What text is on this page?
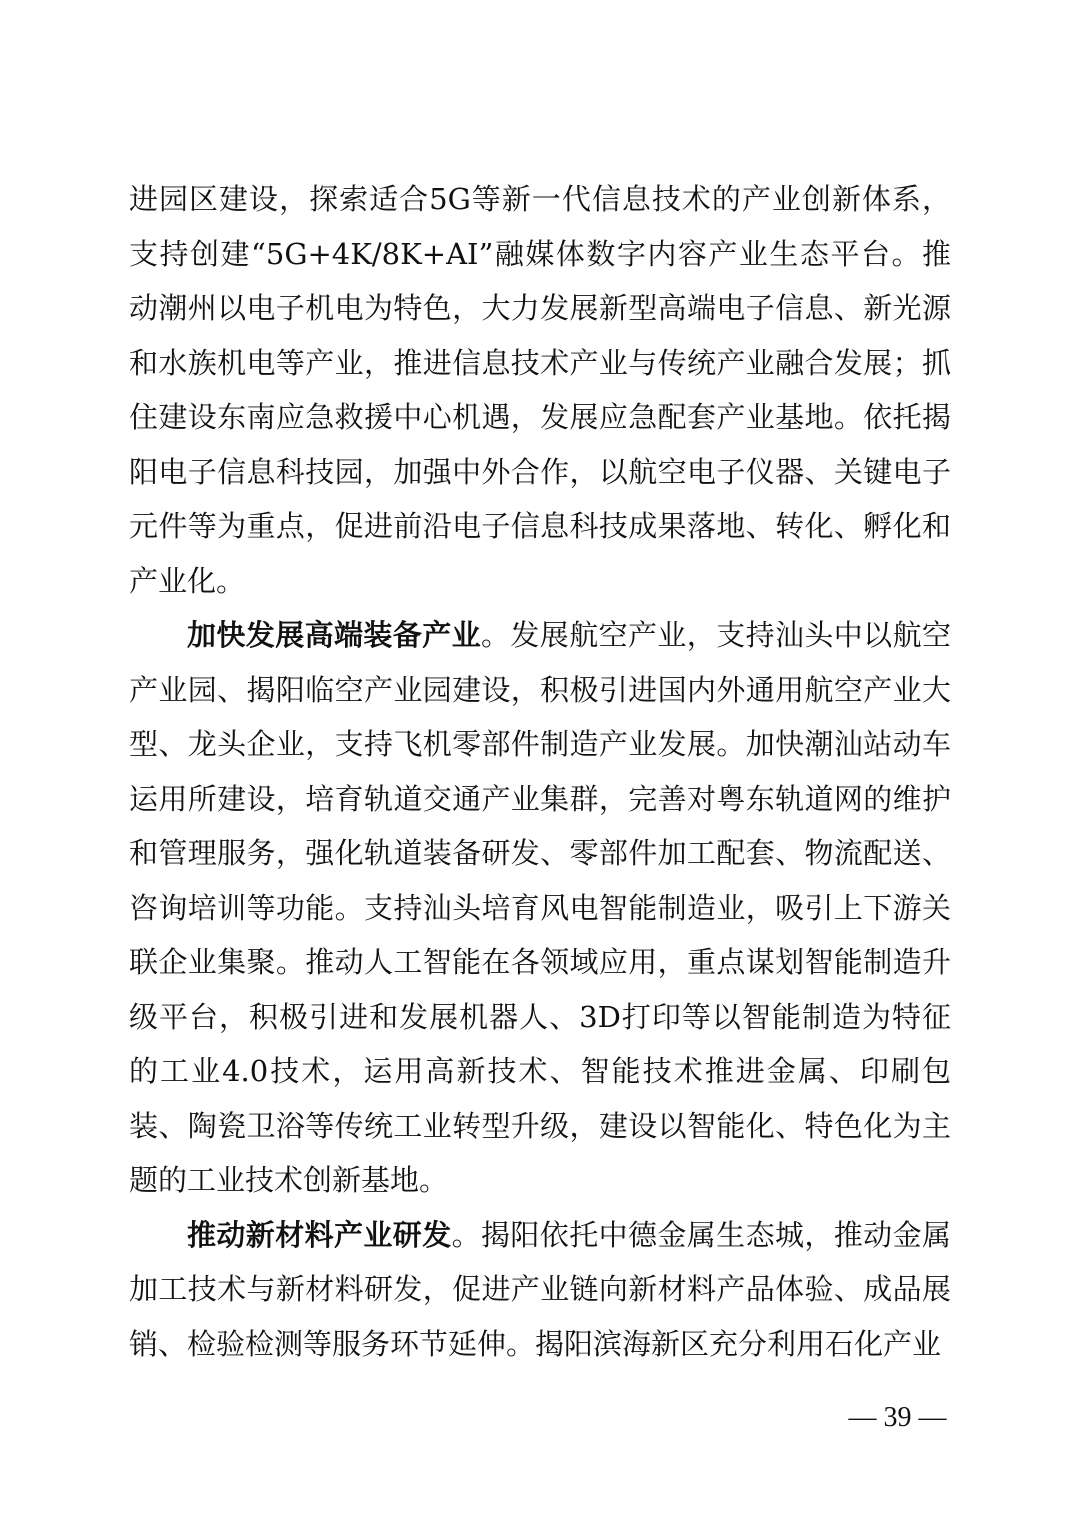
进园区建设，探索适合5G等新一代信息技术的产业创新体系，支持创建“5G+4K/8K+AI”融媒体数字内容产业生态平台。推动潮州以电子机电为特色，大力发展新型高端电子信息、新光源和水族机电等产业，推进信息技术产业与传统产业融合发展；抓住建设东南应急救援中心机遇，发展应急配套产业基地。依托揭阳电子信息科技园，加强中外合作，以航空电子仪器、关键电子元件等为重点，促进前沿电子信息科技成果落地、转化、孵化和产业化。

加快发展高端装备产业。发展航空产业，支持汕头中以航空产业园、揭阳临空产业园建设，积极引进国内外通用航空产业大型、龙头企业，支持飞机零部件制造产业发展。加快潮汕站动车运用所建设，培育轨道交通产业集群，完善对粤东轨道网的维护和管理服务，强化轨道装备研发、零部件加工配套、物流配送、咨询培训等功能。支持汕头培育风电智能制造业，吸引上下游关联企业集聚。推动人工智能在各领域应用，重点谋划智能制造升级平台，积极引进和发展机器人、3D打印等以智能制造为特征的工业4.0技术，运用高新技术、智能技术推进金属、印刷包装、陶瓷卫浴等传统工业转型升级，建设以智能化、特色化为主题的工业技术创新基地。

推动新材料产业研发。揭阳依托中德金属生态城，推动金属加工技术与新材料研发，促进产业链向新材料产品体验、成品展销、检验检测等服务环节延伸。揭阳滨海新区充分利用石化产业

— 39 —
